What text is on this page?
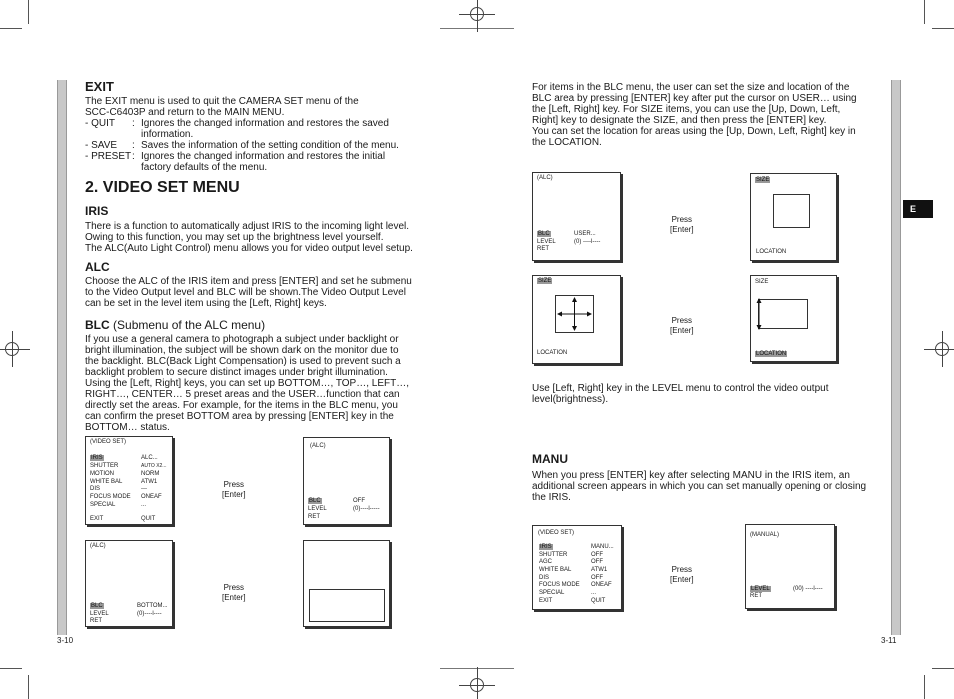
E
EXIT

The EXIT menu is used to quit the CAMERA SET menu of the

SCC-C6403P and return to the MAIN MENU.

- QUIT	: Ignores the changed information and restores the saved
information.
- SAVE	: Saves the information of the setting condition of the menu.
- PRESET : Ignores the changed information and restores the initial
factory defaults of the menu.
2. VIDEO SET MENU
IRIS

There is a function to automatically adjust IRIS to the incoming light level.

Owing to this function, you may set up the brightness level yourself.

The ALC(Auto Light Control) menu allows you for video output level setup.

ALC

Choose the ALC of the IRIS item and press [ENTER] and set he submenu

to the Video Output level and BLC will be shown.The Video Output Level

can be set in the level item using the [Left, Right] keys.

BLC (Submenu of the ALC menu)

If you use a general camera to photograph a subject under backlight or

bright illumination, the subject will be shown dark on the monitor due to

the backlight. BLC(Back Light Compensation) is used to prevent such a

backlight problem to secure distinct images under bright illumination.

Using the [Left, Right] keys, you can set up BOTTOM…, TOP…, LEFT…,

RIGHT…, CENTER… 5 preset areas and the USER…function that can

directly set the areas. For example, for the items in the BLC menu, you

can confirm the preset BOTTOM area by pressing [ENTER] key in the

BOTTOM… status.

(VIDEO SET)
IRIS	ALC...
SHUTTER	AUTO X2...
MOTION	NORM
WHITE BAL	ATW1
DIS	---
FOCUS MODE ONEAF
SPECIAL	...
EXIT	QUIT
Press
[Enter]
(ALC)
BLC	OFF
LEVEL	(0)----l-----
RET
(ALC)
BLC	BOTTOM...
LEVEL	(0)----l----
RET
Press
[Enter]
3-10

For items in the BLC menu, the user can set the size and location of the

BLC area by pressing [ENTER] key after put the cursor on USER… using

the [Left, Right] key. For SIZE items, you can use the [Up, Down, Left,

Right] key to designate the SIZE, and then press the [ENTER] key.

You can set the location for areas using the [Up, Down, Left, Right] key in

the LOCATION.

(ALC)
BLC	USER...
LEVEL	(0) ----l----
RET
Press
[Enter]
SIZE
LOCATION
SIZE
LOCATION
Press
[Enter]
SIZE
LOCATION

Use [Left, Right] key in the LEVEL menu to control the video output

level(brightness).

MANU

When you press [ENTER] key after selecting MANU in the IRIS item, an

additional screen appears in which you can set manually opening or closing

the IRIS.

(VIDEO SET)
IRIS	MANU...
SHUTTER	OFF
AGC	OFF
WHITE BAL	ATW1
DIS	OFF
FOCUS MODE ONEAF
SPECIAL	...
EXIT	QUIT
Press
[Enter]
(MANUAL)
LEVEL	(00) ----l----
RET
3-11
